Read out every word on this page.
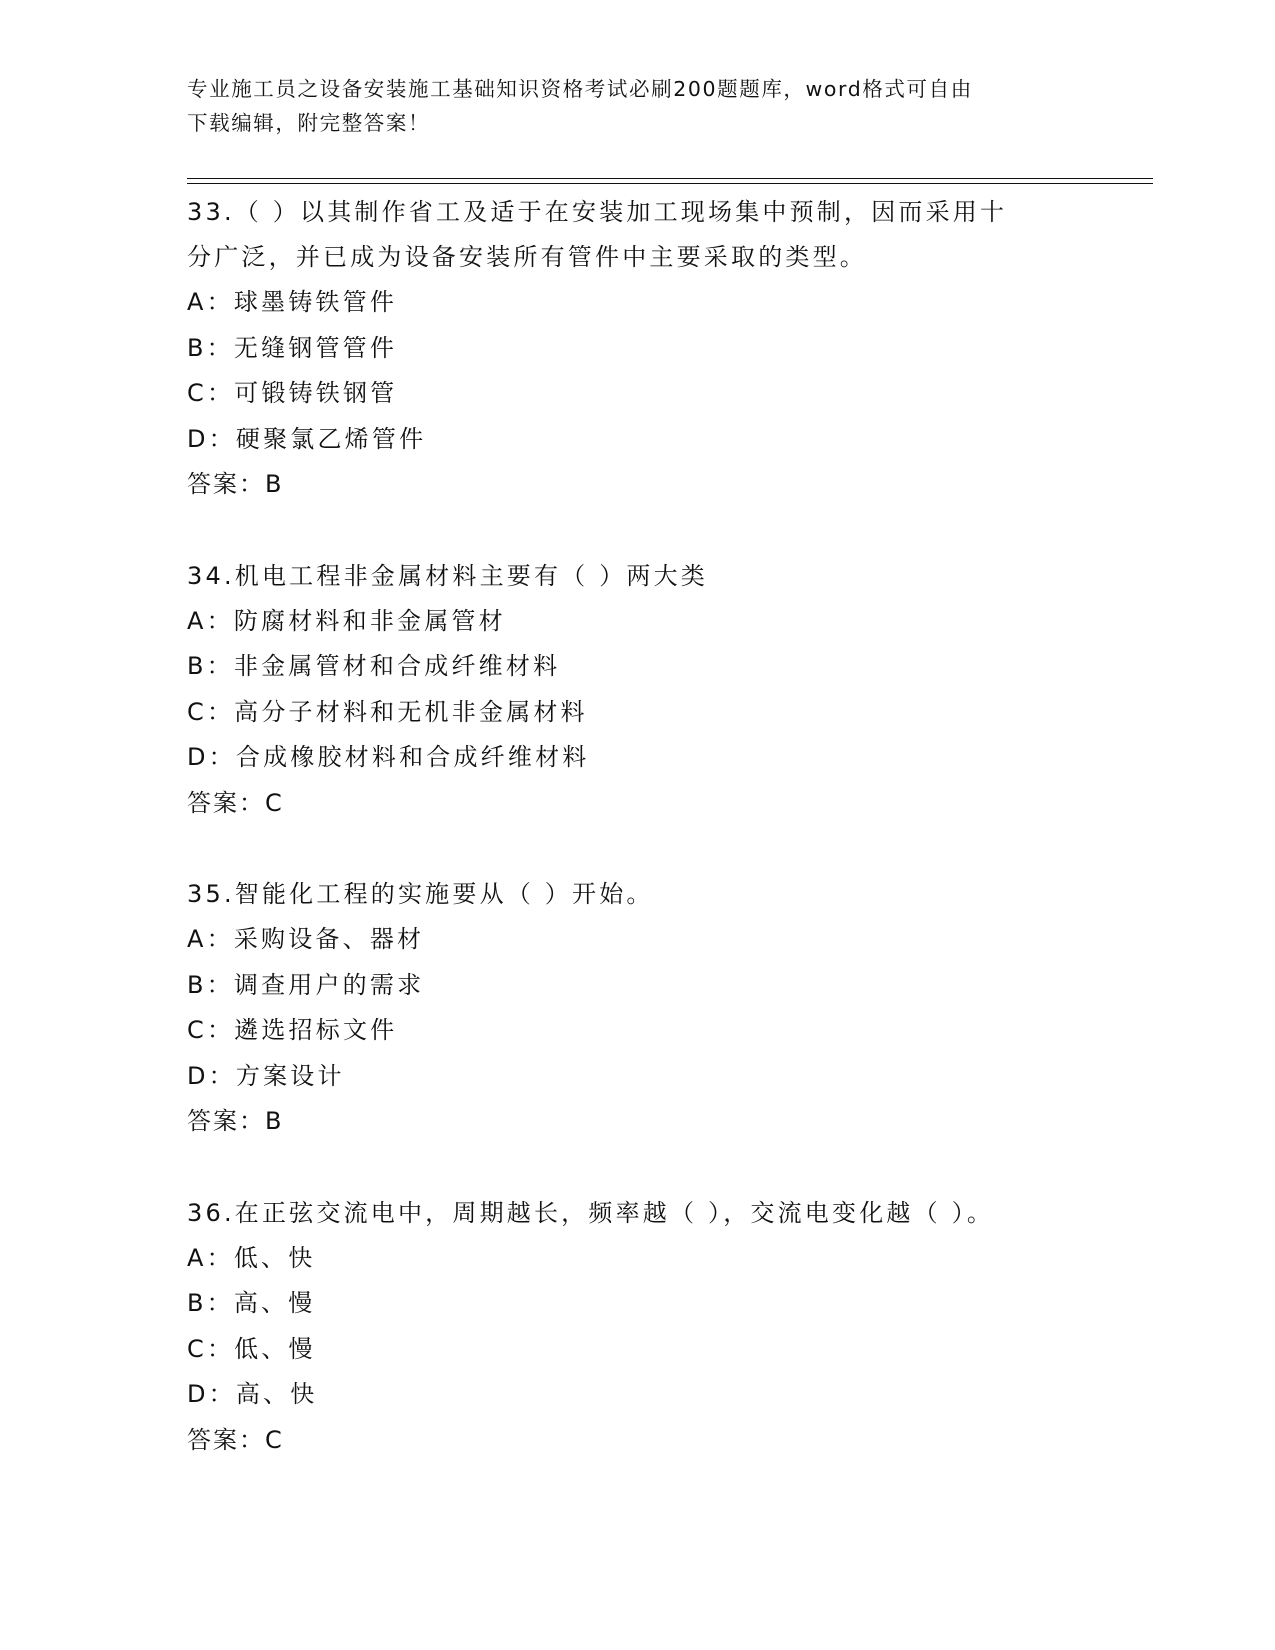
专业施工员之设备安装施工基础知识资格考试必刷200题题库，word格式可自由
下载编辑，附完整答案！
33.（ ）以其制作省工及适于在安装加工现场集中预制，因而采用十
分广泛，并已成为设备安装所有管件中主要采取的类型。
A：球墨铸铁管件
B：无缝钢管管件
C：可锻铸铁钢管
D：硬聚氯乙烯管件
答案：B
34.机电工程非金属材料主要有（ ）两大类
A：防腐材料和非金属管材
B：非金属管材和合成纤维材料
C：高分子材料和无机非金属材料
D：合成橡胶材料和合成纤维材料
答案：C
35.智能化工程的实施要从（ ）开始。
A：采购设备、器材
B：调查用户的需求
C：遴选招标文件
D：方案设计
答案：B
36.在正弦交流电中，周期越长，频率越（ ），交流电变化越（ ）。
A：低、快
B：高、慢
C：低、慢
D：高、快
答案：C
